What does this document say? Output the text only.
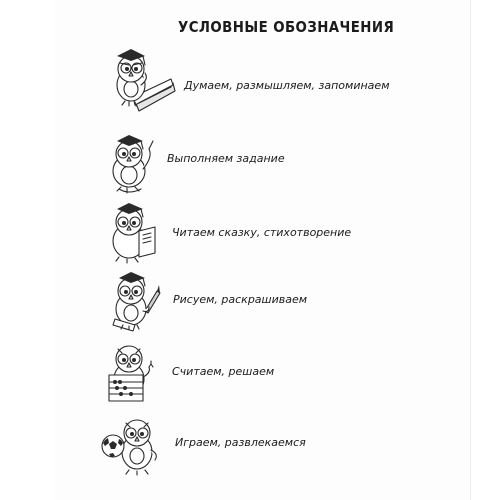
УСЛОВНЫЕ ОБОЗНАЧЕНИЯ
Думаем, размышляем, запоминаем
Выполняем задание
Читаем сказку, стихотворение
Рисуем, раскрашиваем
Считаем, решаем
Играем, развлекаемся
